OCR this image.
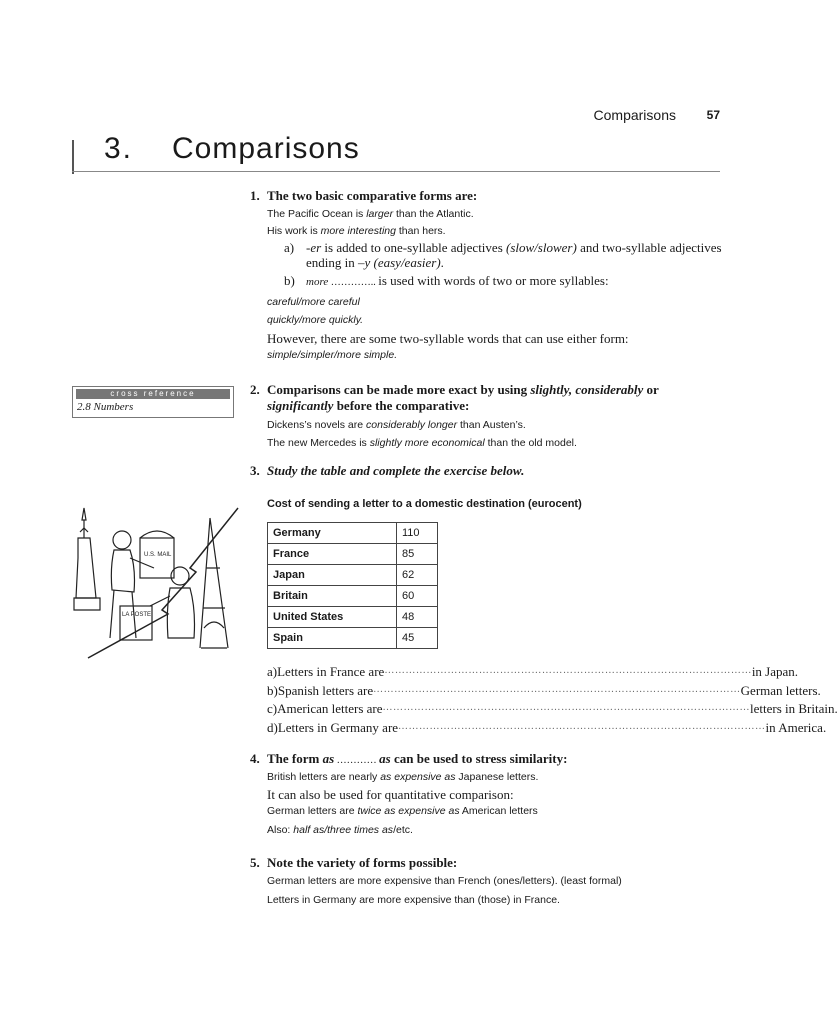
Comparisons	57
3. Comparisons
1. The two basic comparative forms are:
The Pacific Ocean is larger than the Atlantic.
His work is more interesting than hers.
a) -er is added to one-syllable adjectives (slow/slower) and two-syllable adjectives ending in –y (easy/easier).
b) more ………….. is used with words of two or more syllables:
careful/more careful
quickly/more quickly.
However, there are some two-syllable words that can use either form:
simple/simpler/more simple.
cross reference
2.8 Numbers
2. Comparisons can be made more exact by using slightly, considerably or significantly before the comparative:
Dickens’s novels are considerably longer than Austen’s.
The new Mercedes is slightly more economical than the old model.
3. Study the table and complete the exercise below.
U.S. MAIL
LA POSTE
Cost of sending a letter to a domestic destination (eurocent)
Germany	110
France	85
Japan	62
Britain	60
United States	48
Spain	45
a) Letters in France are …………………………………………………………………………………………… in Japan.
b) Spanish letters are …………………………………………………………………………………………… German letters.
c) American letters are …………………………………………………………………………………………… letters in Britain.
d) Letters in Germany are …………………………………………………………………………………………… in America.
4. The form as ………… as can be used to stress similarity:
British letters are nearly as expensive as Japanese letters.
It can also be used for quantitative comparison:
German letters are twice as expensive as American letters
Also: half as/three times as/etc.
5. Note the variety of forms possible:
German letters are more expensive than French (ones/letters). (least formal)
Letters in Germany are more expensive than (those) in France.
